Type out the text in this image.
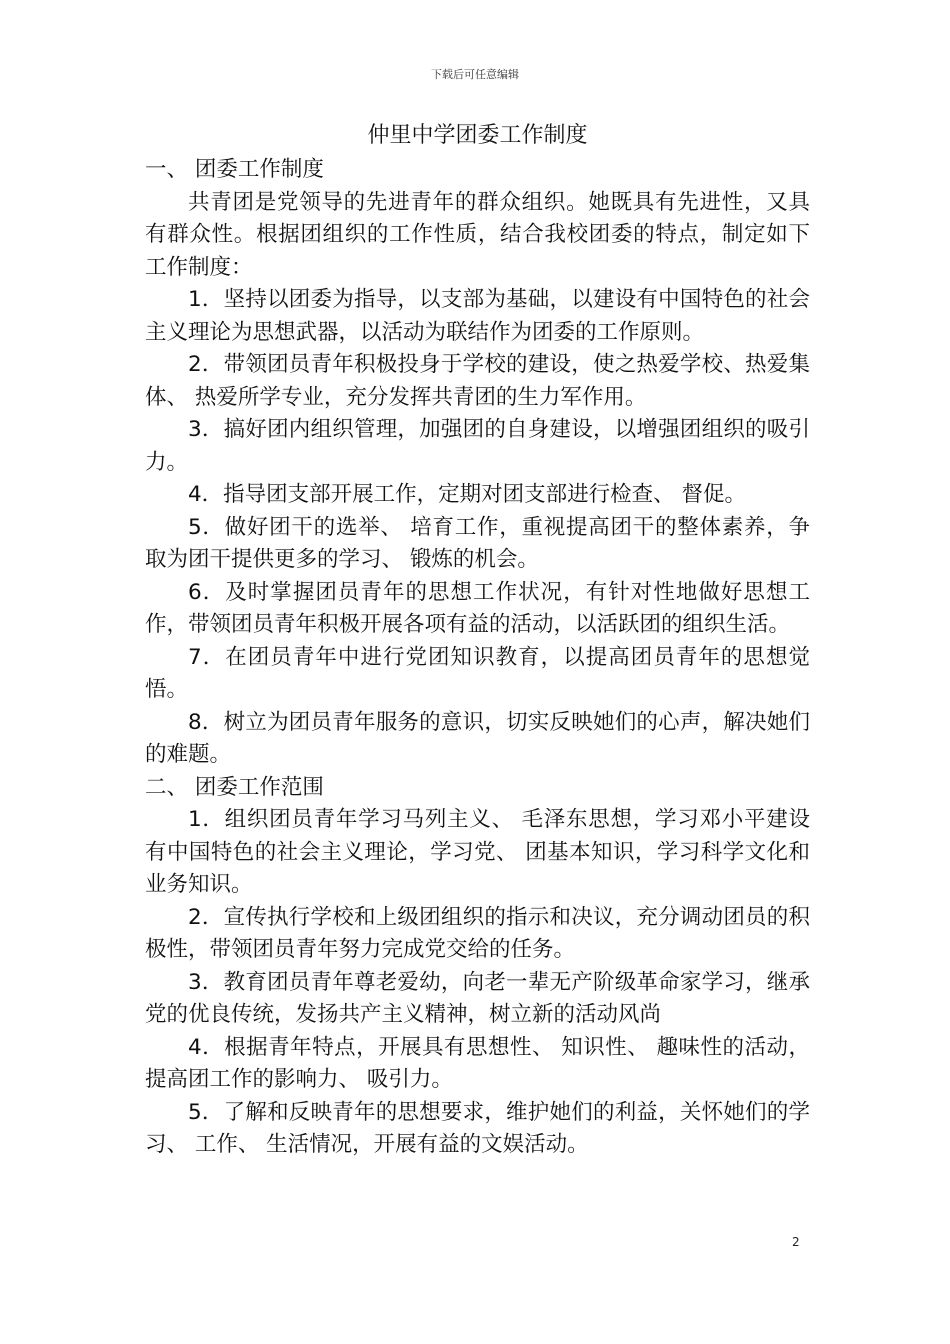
下载后可任意编辑

仲里中学团委工作制度

一、 团委工作制度

共青团是党领导的先进青年的群众组织。她既具有先进性，又具有群众性。根据团组织的工作性质，结合我校团委的特点，制定如下工作制度：

1．坚持以团委为指导，以支部为基础，以建设有中国特色的社会主义理论为思想武器，以活动为联结作为团委的工作原则。

2．带领团员青年积极投身于学校的建设，使之热爱学校、热爱集体、 热爱所学专业，充分发挥共青团的生力军作用。

3．搞好团内组织管理，加强团的自身建设，以增强团组织的吸引力。

4．指导团支部开展工作，定期对团支部进行检查、 督促。

5．做好团干的选举、 培育工作，重视提高团干的整体素养，争取为团干提供更多的学习、 锻炼的机会。

6．及时掌握团员青年的思想工作状况，有针对性地做好思想工作，带领团员青年积极开展各项有益的活动，以活跃团的组织生活。

7．在团员青年中进行党团知识教育，以提高团员青年的思想觉悟。

8．树立为团员青年服务的意识，切实反映她们的心声，解决她们的难题。

二、 团委工作范围

1．组织团员青年学习马列主义、 毛泽东思想，学习邓小平建设有中国特色的社会主义理论，学习党、 团基本知识，学习科学文化和业务知识。

2．宣传执行学校和上级团组织的指示和决议，充分调动团员的积极性，带领团员青年努力完成党交给的任务。

3．教育团员青年尊老爱幼，向老一辈无产阶级革命家学习，继承党的优良传统，发扬共产主义精神，树立新的活动风尚

4．根据青年特点，开展具有思想性、 知识性、 趣味性的活动，提高团工作的影响力、 吸引力。

5．了解和反映青年的思想要求，维护她们的利益，关怀她们的学习、 工作、 生活情况，开展有益的文娱活动。

2
